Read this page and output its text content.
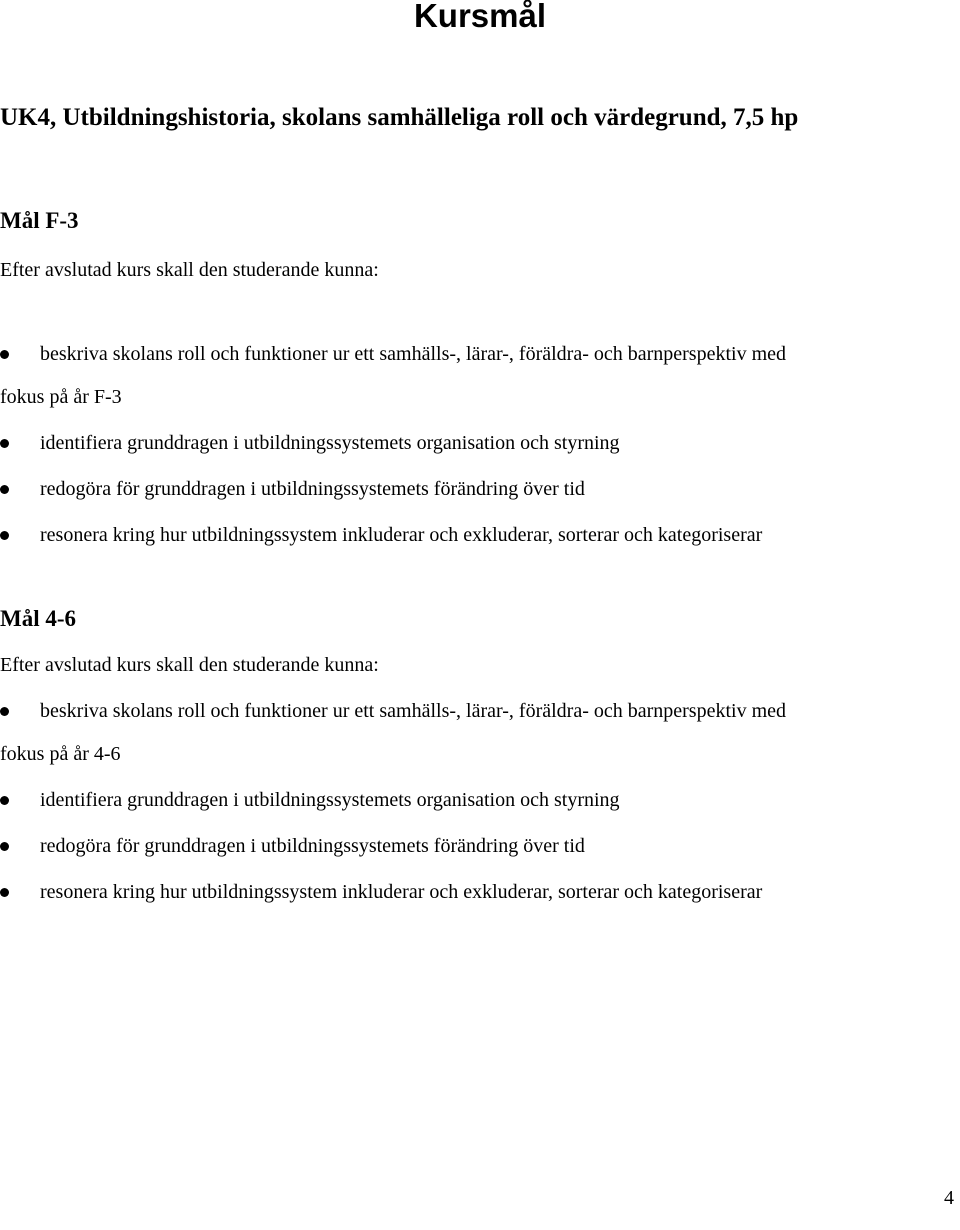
Kursmål
UK4, Utbildningshistoria, skolans samhälleliga roll och värdegrund, 7,5 hp
Mål F-3

Efter avslutad kurs skall den studerande kunna:

beskriva skolans roll och funktioner ur ett samhälls-, lärar-, föräldra- och barnperspektiv med
fokus på år F-3
identifiera grunddragen i utbildningssystemets organisation och styrning
redogöra för grunddragen i utbildningssystemets förändring över tid
resonera kring hur utbildningssystem inkluderar och exkluderar, sorterar och kategoriserar
Mål 4-6

Efter avslutad kurs skall den studerande kunna:

beskriva skolans roll och funktioner ur ett samhälls-, lärar-, föräldra- och barnperspektiv med
fokus på år 4-6
identifiera grunddragen i utbildningssystemets organisation och styrning
redogöra för grunddragen i utbildningssystemets förändring över tid
resonera kring hur utbildningssystem inkluderar och exkluderar, sorterar och kategoriserar

4
